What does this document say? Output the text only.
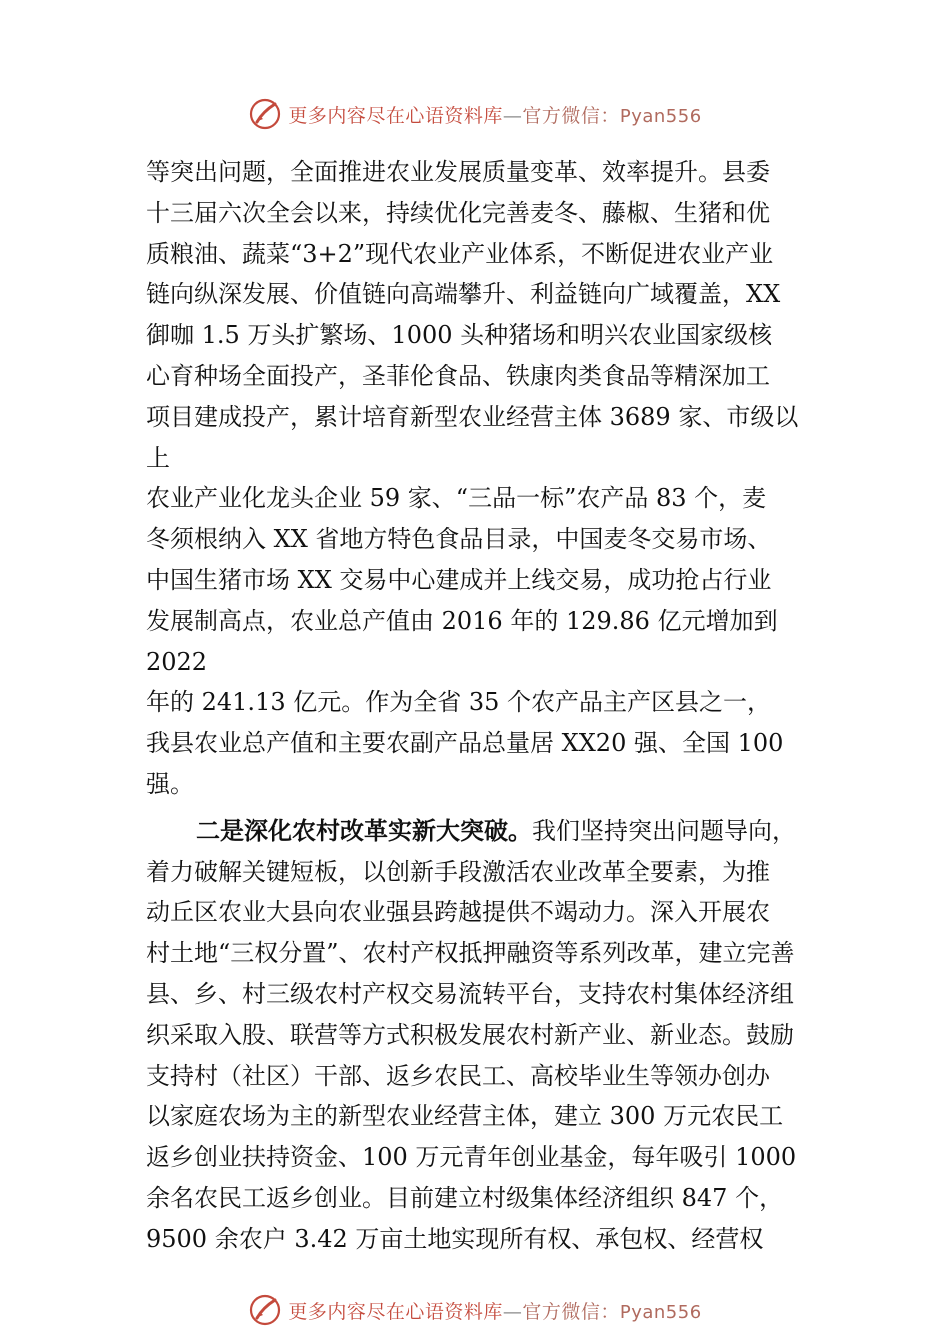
更多内容尽在心语资料库—官方微信：Pyan556
等突出问题，全面推进农业发展质量变革、效率提升。县委
十三届六次全会以来，持续优化完善麦冬、藤椒、生猪和优
质粮油、蔬菜“3+2”现代农业产业体系，不断促进农业产业
链向纵深发展、价值链向高端攀升、利益链向广域覆盖，XX
御咖 1.5 万头扩繁场、1000 头种猪场和明兴农业国家级核
心育种场全面投产，圣菲伦食品、铁康肉类食品等精深加工
项目建成投产，累计培育新型农业经营主体 3689 家、市级以
上
农业产业化龙头企业 59 家、“三品一标”农产品 83 个，麦
冬须根纳入 XX 省地方特色食品目录，中国麦冬交易市场、
中国生猪市场 XX 交易中心建成并上线交易，成功抢占行业
发展制高点，农业总产值由 2016 年的 129.86 亿元增加到
2022
年的 241.13 亿元。作为全省 35 个农产品主产区县之一，
我县农业总产值和主要农副产品总量居 XX20 强、全国 100
强。
二是深化农村改革实新大突破。我们坚持突出问题导向，
着力破解关键短板，以创新手段激活农业改革全要素，为推
动丘区农业大县向农业强县跨越提供不竭动力。深入开展农
村土地“三权分置”、农村产权抵押融资等系列改革，建立完善
县、乡、村三级农村产权交易流转平台，支持农村集体经济组
织采取入股、联营等方式积极发展农村新产业、新业态。鼓励
支持村（社区）干部、返乡农民工、高校毕业生等领办创办
以家庭农场为主的新型农业经营主体，建立 300 万元农民工
返乡创业扶持资金、100 万元青年创业基金，每年吸引 1000
余名农民工返乡创业。目前建立村级集体经济组织 847 个，
9500 余农户 3.42 万亩土地实现所有权、承包权、经营权
更多内容尽在心语资料库—官方微信：Pyan556
